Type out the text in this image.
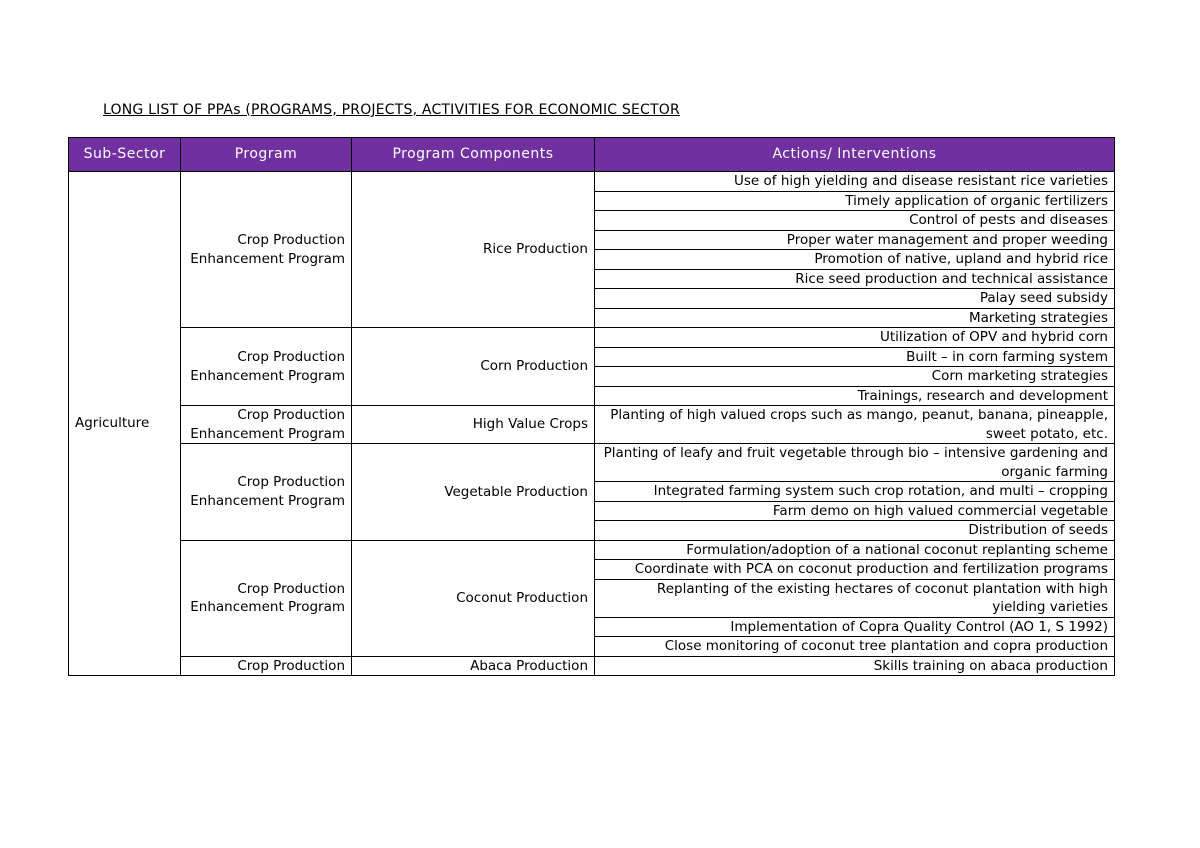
LONG LIST OF PPAs (PROGRAMS, PROJECTS, ACTIVITIES FOR ECONOMIC SECTOR
Sub-Sector	Program	Program Components	Actions/ Interventions
Agriculture	Crop Production Enhancement Program	Rice Production	Use of high yielding and disease resistant rice varieties
			Timely application of organic fertilizers
			Control of pests and diseases
			Proper water management and proper weeding
			Promotion of native, upland and hybrid rice
			Rice seed production and technical assistance
			Palay seed subsidy
			Marketing strategies
	Crop Production Enhancement Program	Corn Production	Utilization of OPV and hybrid corn
			Built – in corn farming system
			Corn marketing strategies
			Trainings, research and development
	Crop Production Enhancement Program	High Value Crops	Planting of high valued crops such as mango, peanut, banana, pineapple, sweet potato, etc.
	Crop Production Enhancement Program	Vegetable Production	Planting of leafy and fruit vegetable through bio – intensive gardening and organic farming
			Integrated farming system such crop rotation, and multi – cropping
			Farm demo on high valued commercial vegetable
			Distribution of seeds
	Crop Production Enhancement Program	Coconut Production	Formulation/adoption of a national coconut replanting scheme
			Coordinate with PCA on coconut production and fertilization programs
			Replanting of the existing hectares of coconut plantation with high yielding varieties
			Implementation of Copra Quality Control (AO 1, S 1992)
			Close monitoring of coconut tree plantation and copra production
	Crop Production	Abaca Production	Skills training on abaca production
